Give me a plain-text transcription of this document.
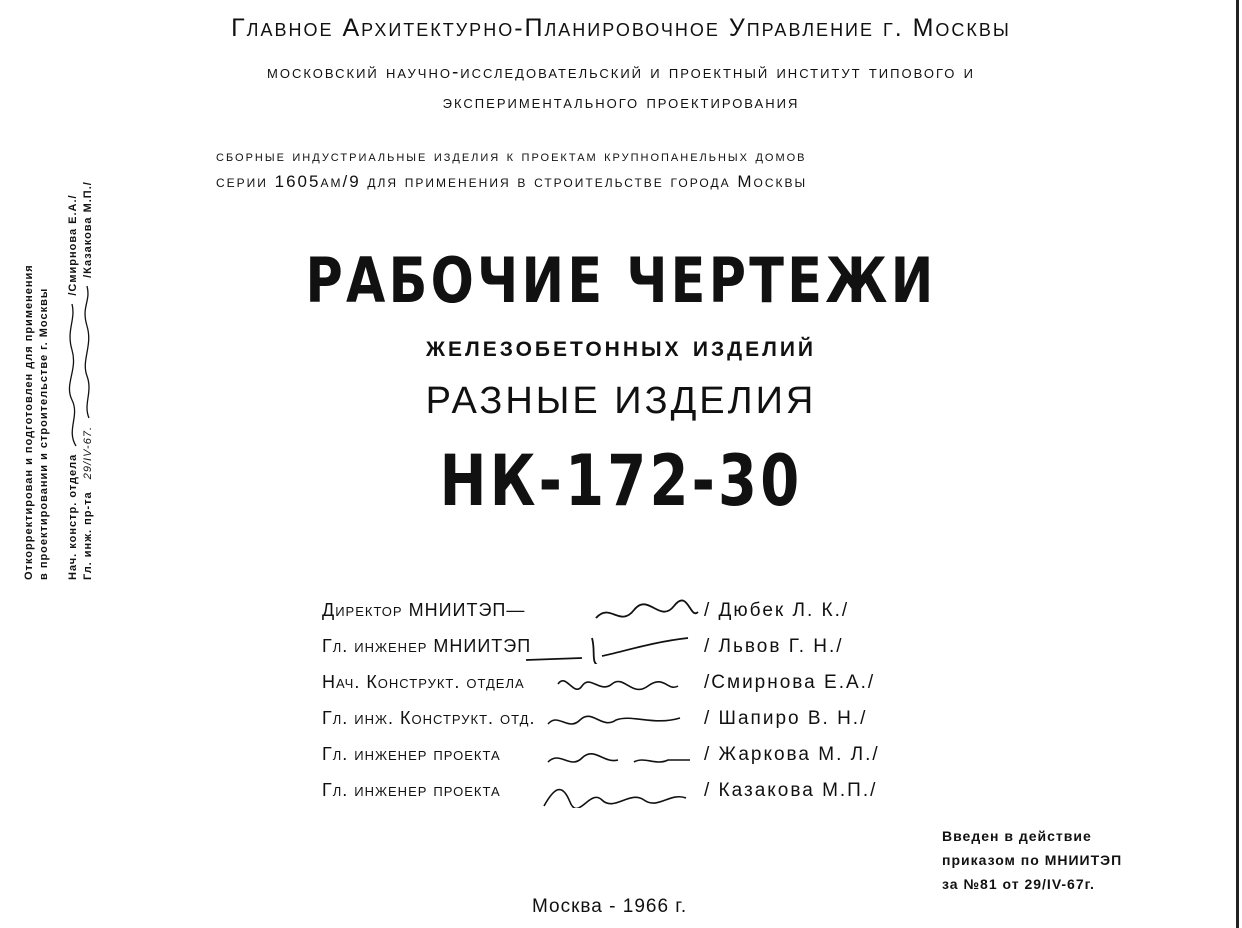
Главное Архитектурно-Планировочное Управление г. Москвы
московский научно-исследовательский и проектный институт типового и
экспериментального проектирования
сборные индустриальные изделия к проектам крупнопанельных домов
серии 1605ам/9 для применения в строительстве города Москвы
РАБОЧИЕ ЧЕРТЕЖИ
железобетонных изделий
РАЗНЫЕ ИЗДЕЛИЯ
НК-172-30
Директор МНИИТЭП—	/ Дюбек Л. К./
Гл. инженер МНИИТЭП	/ Львов Г. Н./
Нач. Конструкт. отдела	/Смирнова Е.А./
Гл. инж. Конструкт. отд.	/ Шапиро В. Н./
Гл. инженер проекта	/ Жаркова М. Л./
Гл. инженер проекта	/ Казакова М.П./
Откорректирован и подготовлен для применения в проектировании и строительстве г. Москвы Нач. констр. отдела  /Смирнова Е.А./
Гл. инж. пр-та  29/IV-67.  /Казакова М.П./
Введен в действие
приказом по МНИИТЭП
за №81 от 29/IV-67г.
Москва - 1966 г.
